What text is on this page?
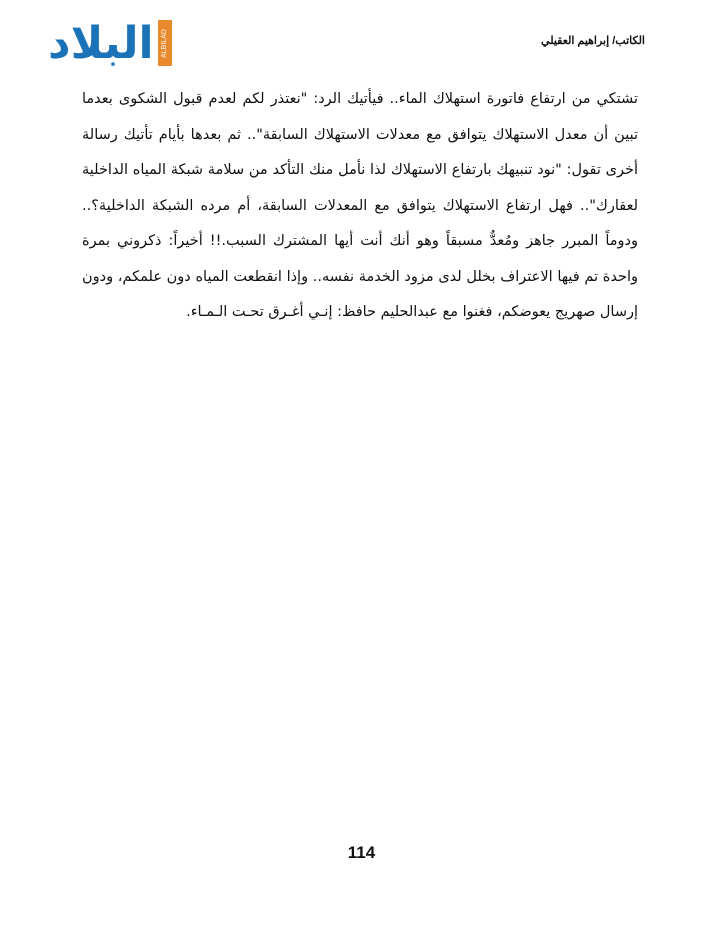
البلاد ALBILAD	الكاتب/ إبراهيم العقيلي

تشتكي من ارتفاع فاتورة استهلاك الماء.. فيأتيك الرد: "نعتذر لكم لعدم قبول الشكوى بعدما تبين أن معدل الاستهلاك يتوافق مع معدلات الاستهلاك السابقة".. ثم بعدها بأيام تأتيك رسالة أخرى تقول: "نود تنبيهك بارتفاع الاستهلاك لذا نأمل منك التأكد من سلامة شبكة المياه الداخلية لعقارك".. فهل ارتفاع الاستهلاك يتوافق مع المعدلات السابقة، أم مرده الشبكة الداخلية؟.. ودوماً المبرر جاهز ومُعدٌّ مسبقاً وهو أنك أنت أيها المشترك السبب.!! أخيراً: ذكروني بمرة واحدة تم فيها الاعتراف بخلل لدى مزود الخدمة نفسه.. وإذا انقطعت المياه دون علمكم، ودون إرسال صهريج يعوضكم، فغنوا مع عبدالحليم حافظ: إنـي أغـرق تحـت الـمـاء.

114
